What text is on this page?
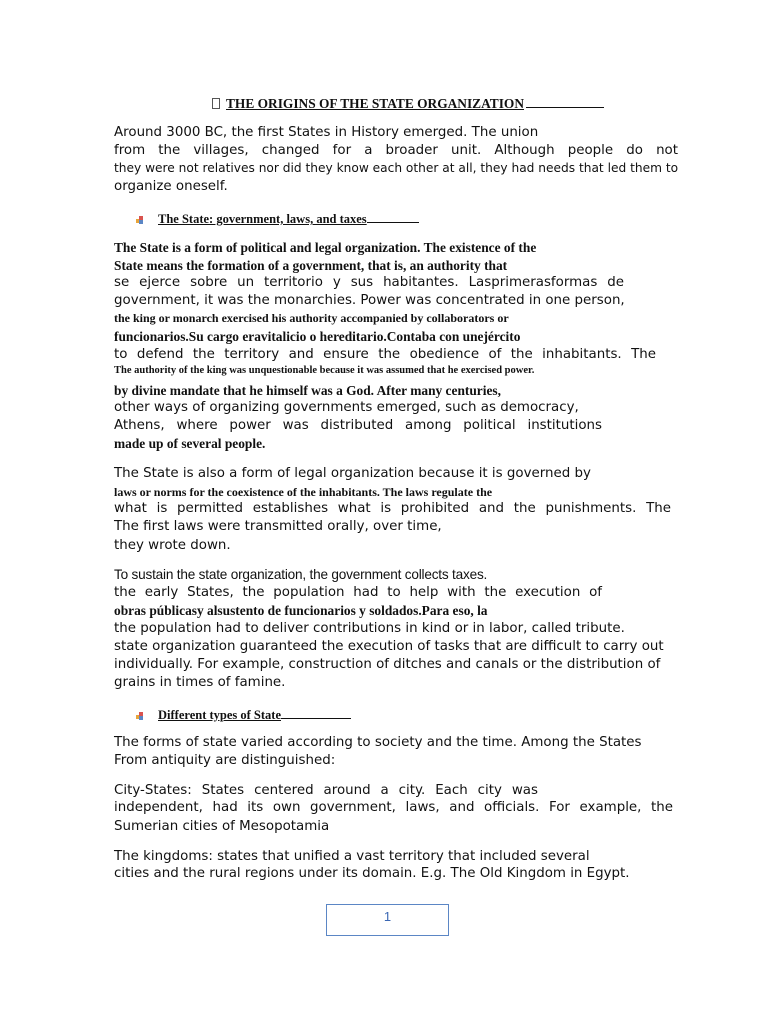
THE ORIGINS OF THE STATE ORGANIZATION
Around 3000 BC, the first States in History emerged. The union
from the villages, changed for a broader unit. Although people do not
they were not relatives nor did they know each other at all, they had needs that led them to
organize oneself.
The State: government, laws, and taxes
The State is a form of political and legal organization. The existence of the
State means the formation of a government, that is, an authority that
se ejerce sobre un territorio y sus habitantes. Lasprimerasformas de
government, it was the monarchies. Power was concentrated in one person,
the king or monarch exercised his authority accompanied by collaborators or
funcionarios.Su cargo eravitalicio o hereditario.Contaba con unejército
to defend the territory and ensure the obedience of the inhabitants. The
The authority of the king was unquestionable because it was assumed that he exercised power.
by divine mandate that he himself was a God. After many centuries,
other ways of organizing governments emerged, such as democracy,
Athens, where power was distributed among political institutions
made up of several people.
The State is also a form of legal organization because it is governed by
laws or norms for the coexistence of the inhabitants. The laws regulate the
what is permitted establishes what is prohibited and the punishments. The
The first laws were transmitted orally, over time,
they wrote down.
To sustain the state organization, the government collects taxes.
the early States, the population had to help with the execution of
obras públicasy alsustento de funcionarios y soldados.Para eso, la
the population had to deliver contributions in kind or in labor, called tribute.
state organization guaranteed the execution of tasks that are difficult to carry out
individually. For example, construction of ditches and canals or the distribution of
grains in times of famine.
Different types of State
The forms of state varied according to society and the time. Among the States
From antiquity are distinguished:
City-States: States centered around a city. Each city was
independent, had its own government, laws, and officials. For example, the
Sumerian cities of Mesopotamia
The kingdoms: states that unified a vast territory that included several
cities and the rural regions under its domain. E.g. The Old Kingdom in Egypt.
1
